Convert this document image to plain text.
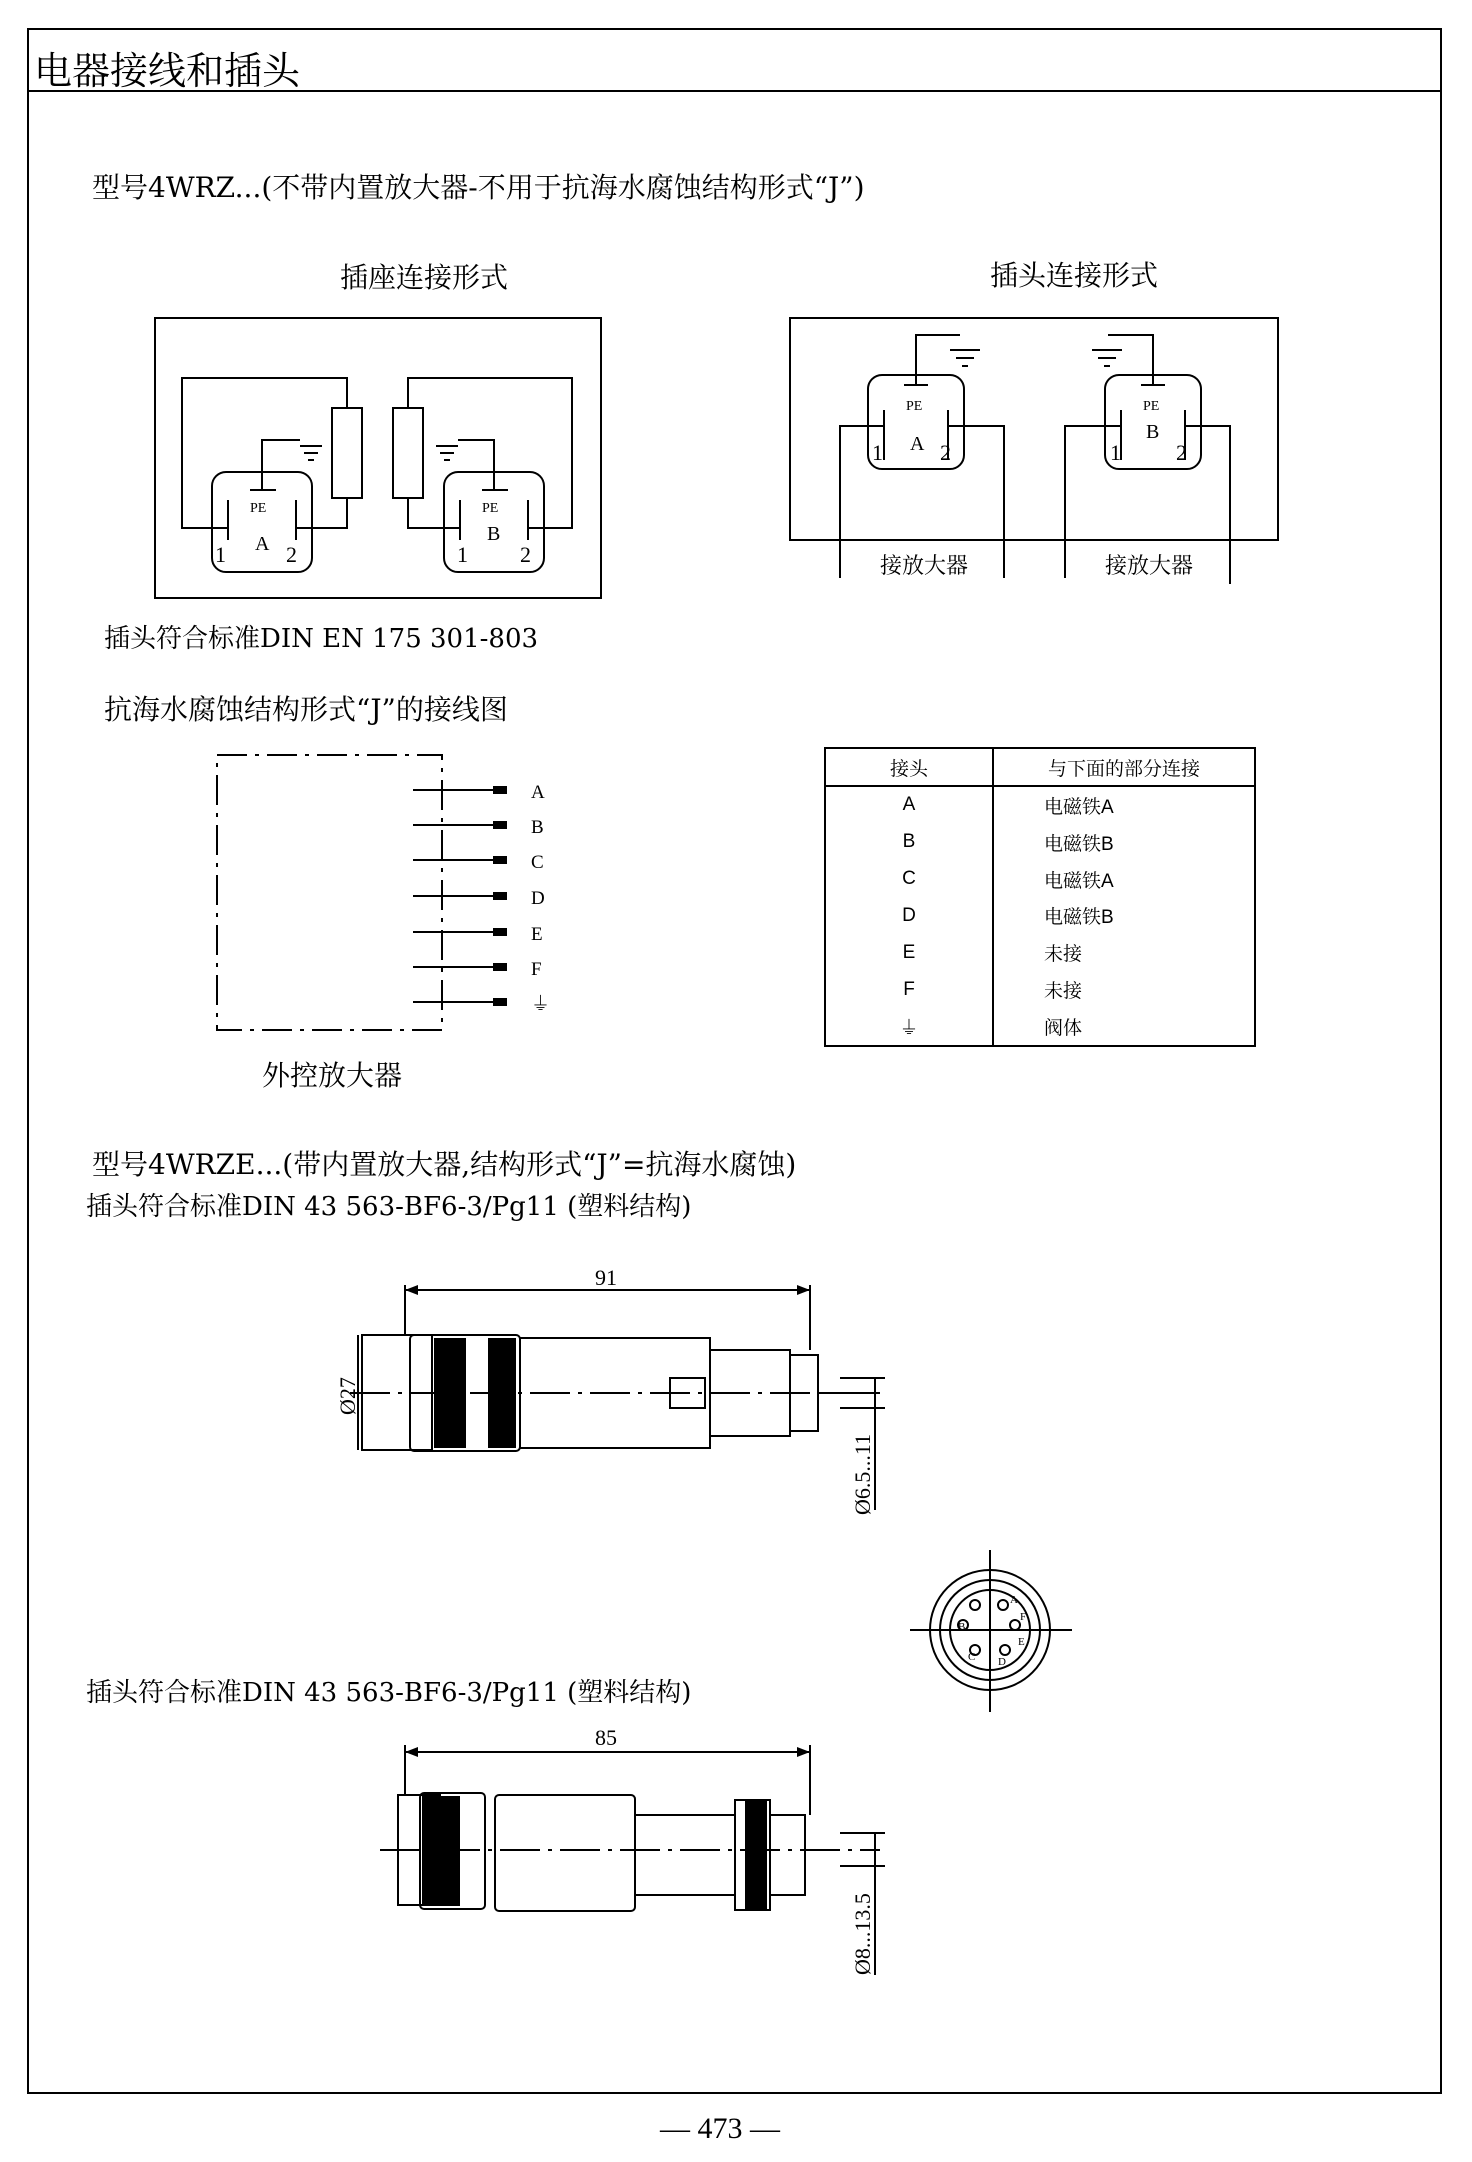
电器接线和插头
型号4WRZ...(不带内置放大器-不用于抗海水腐蚀结构形式“J”)
插座连接形式	插头连接形式
插头符合标准DIN EN 175 301-803
抗海水腐蚀结构形式“J”的接线图
外控放大器
接头	与下面的部分连接
A	电磁铁A
B	电磁铁B
C	电磁铁A
D	电磁铁B
E	未接
F	未接
⏚	阀体
型号4WRZE...(带内置放大器,结构形式“J”=抗海水腐蚀)
插头符合标准DIN 43 563-BF6-3/Pg11 (塑料结构)
插头符合标准DIN 43 563-BF6-3/Pg11 (塑料结构)
— 473 —
PE	PE
A	B
1	2	1 2
PE	PE
A
B
1	2	1	2
接放大器	接放大器
A
B
C
D
E
F
⏚
91
Ø27
Ø6.5...11
85
Ø8...13.5
A
B
C D
E
F
